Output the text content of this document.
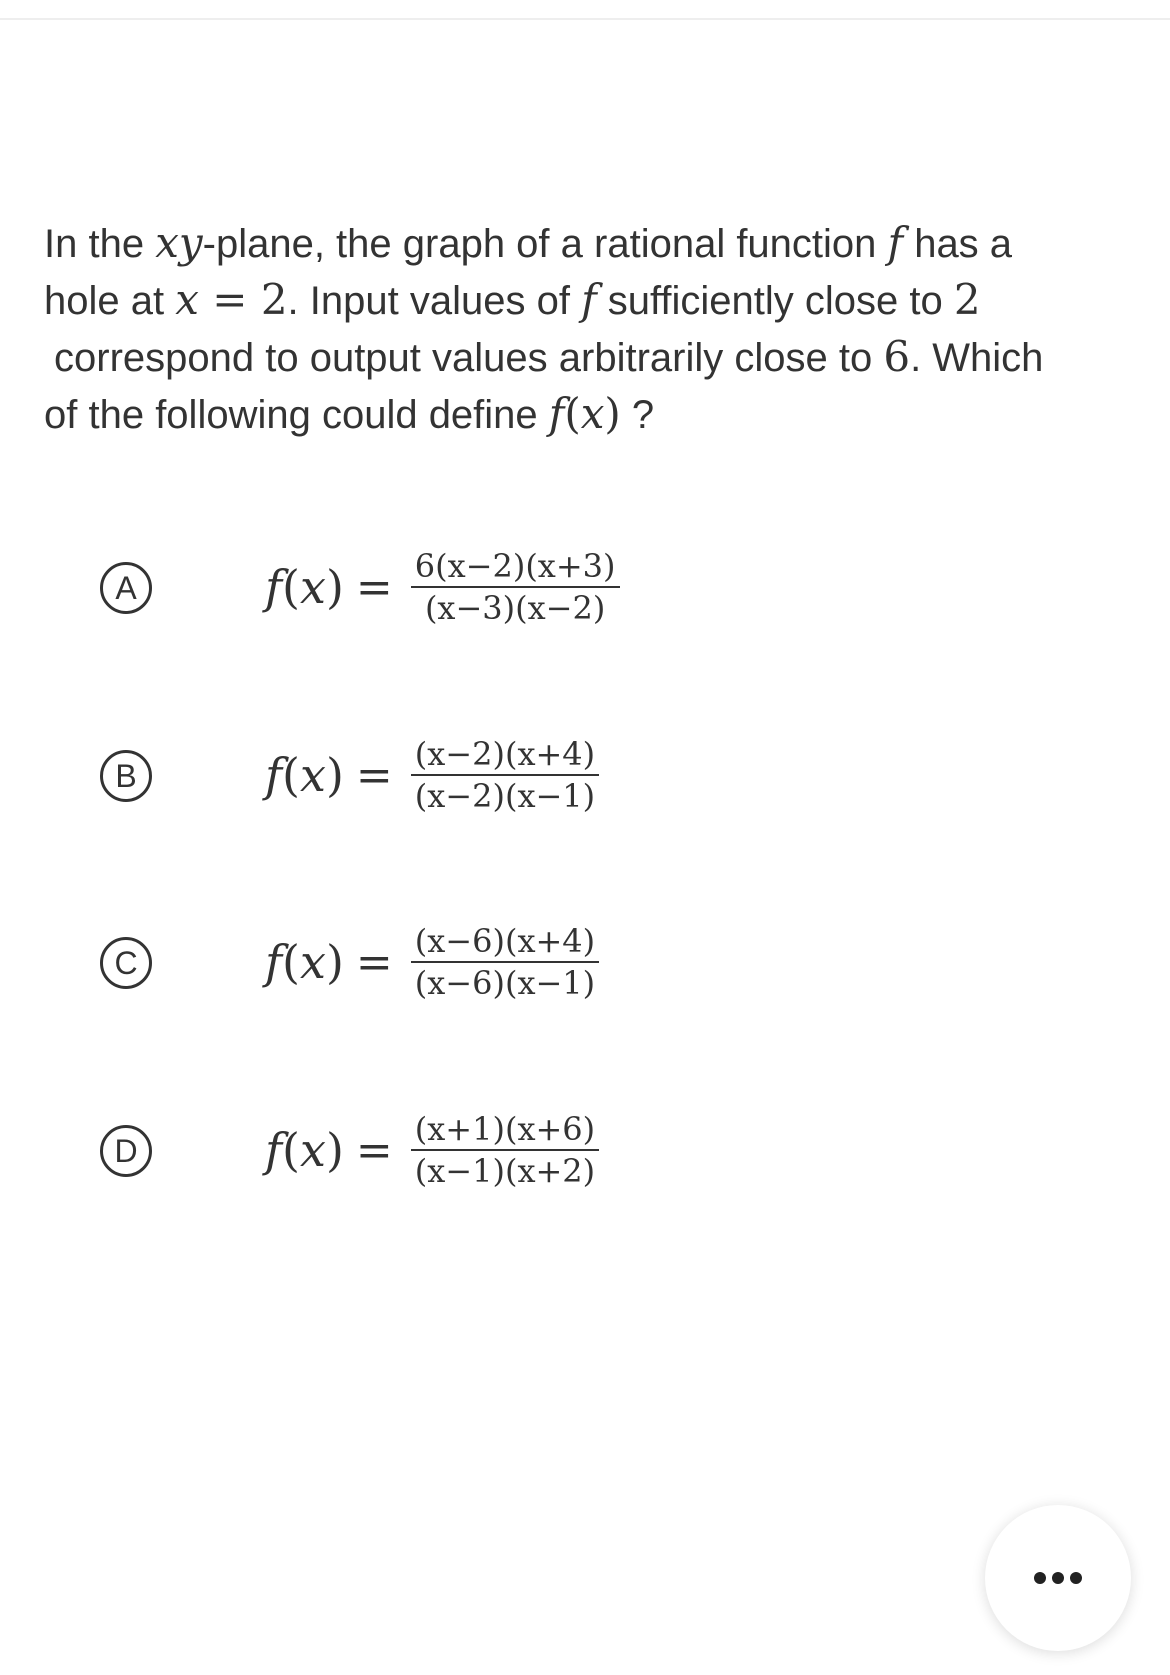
In the xy-plane, the graph of a rational function f has a
hole at x = 2. Input values of f sufficiently close to 2
correspond to output values arbitrarily close to 6. Which
of the following could define f(x) ?
A	$f(x) = \frac{6(x-2)(x+3)}{(x-3)(x-2)}$
B	$f(x) = \frac{(x-2)(x+4)}{(x-2)(x-1)}$
C	$f(x) = \frac{(x-6)(x+4)}{(x-6)(x-1)}$
D	$f(x) = \frac{(x+1)(x+6)}{(x-1)(x+2)}$
